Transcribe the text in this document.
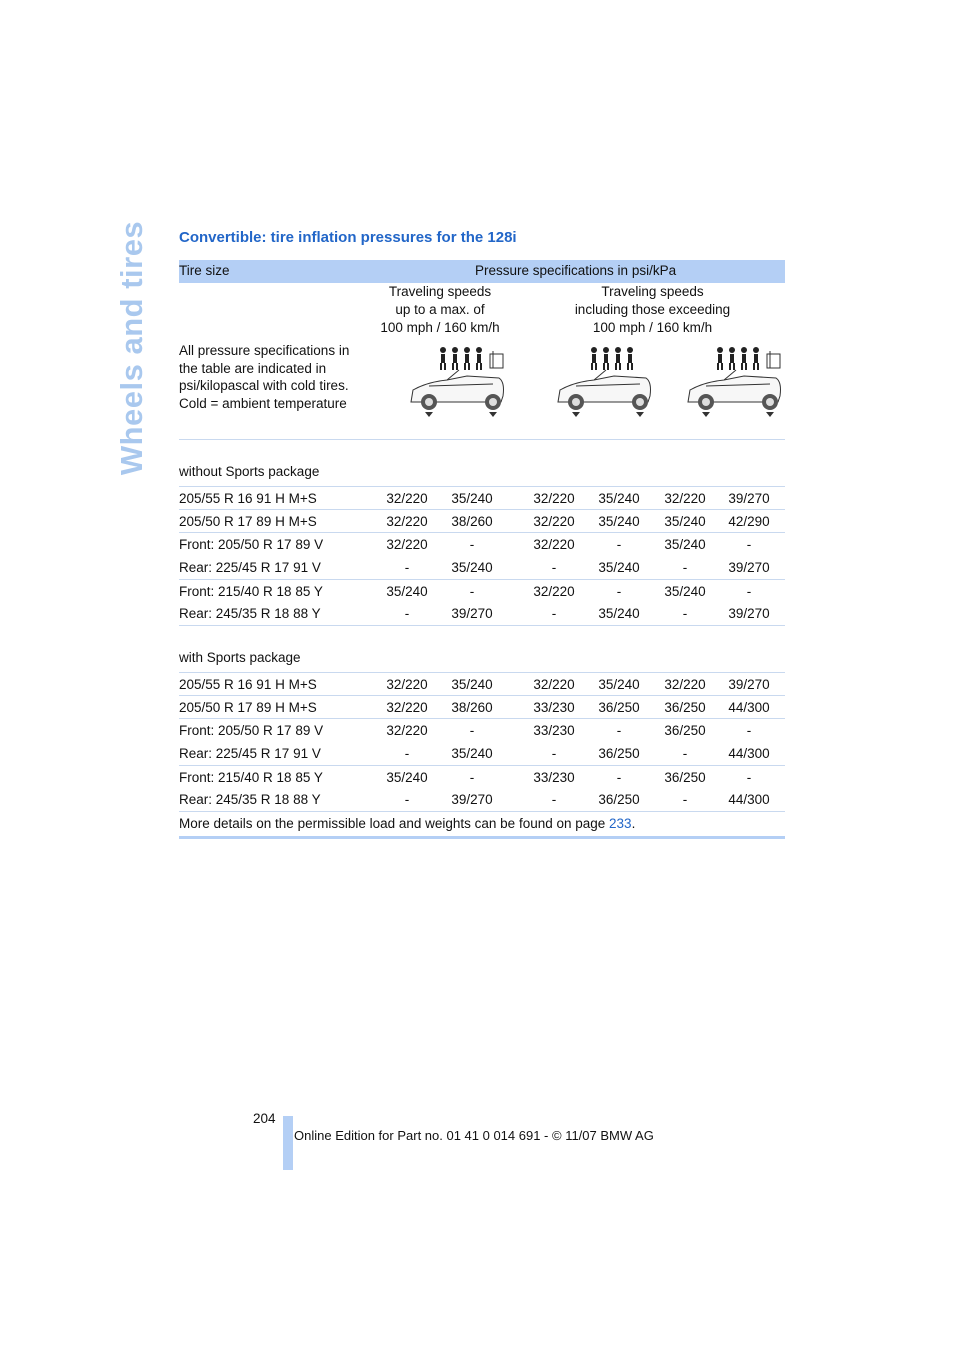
Wheels and tires Convertible: tire inflation pressures for the 128i
Tire size	Pressure specifications in psi/kPa
Traveling speeds
up to a max. of
100 mph / 160 km/h
Traveling speeds
including those exceeding
100 mph / 160 km/h
All pressure specifications in
the table are indicated in
psi/kilopascal with cold tires.
Cold = ambient temperature
without Sports package
205/55 R 16 91 H M+S	32/220	35/240	32/220	35/240	32/220	39/270
205/50 R 17 89 H M+S	32/220	38/260	32/220	35/240	35/240	42/290
Front: 205/50 R 17 89 V	32/220	-	32/220	-	35/240	-
Rear: 225/45 R 17 91 V	-	35/240	-	35/240	-	39/270
Front: 215/40 R 18 85 Y	35/240	-	32/220	-	35/240	-
Rear: 245/35 R 18 88 Y	-	39/270	-	35/240	-	39/270
with Sports package
205/55 R 16 91 H M+S	32/220	35/240	32/220	35/240	32/220	39/270
205/50 R 17 89 H M+S	32/220	38/260	33/230	36/250	36/250	44/300
Front: 205/50 R 17 89 V	32/220	-	33/230	-	36/250	-
Rear: 225/45 R 17 91 V	-	35/240	-	36/250	-	44/300
Front: 215/40 R 18 85 Y	35/240	-	33/230	-	36/250	-
Rear: 245/35 R 18 88 Y	-	39/270	-	36/250	-	44/300
More details on the permissible load and weights can be found on page 233.
204
Online Edition for Part no. 01 41 0 014 691 - © 11/07 BMW AG
